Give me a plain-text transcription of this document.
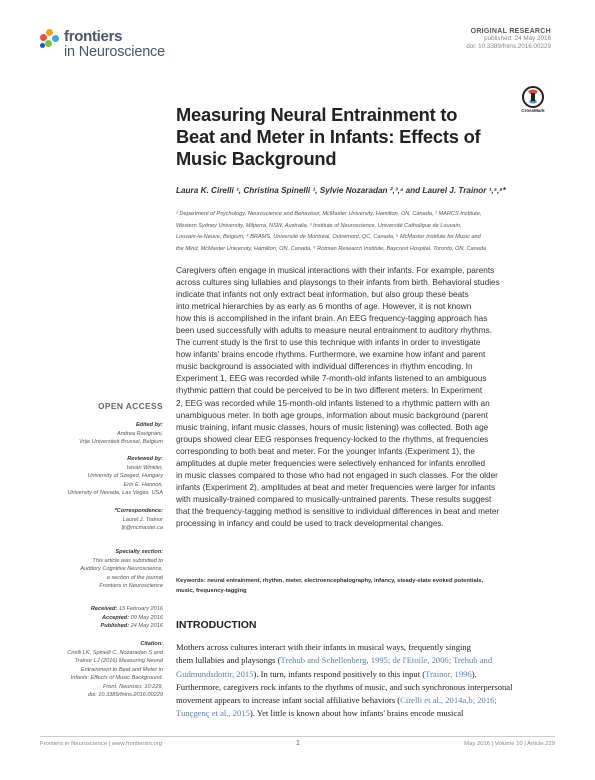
frontiers
in Neuroscience
ORIGINAL RESEARCH
published: 24 May 2016
doi: 10.3389/fnins.2016.00229
CrossMark
Measuring Neural Entrainment to
Beat and Meter in Infants: Effects of
Music Background
Laura K. Cirelli ¹, Christina Spinelli ¹, Sylvie Nozaradan ²,³,⁴ and Laurel J. Trainor ¹,⁵,⁶*
¹ Department of Psychology, Neuroscience and Behaviour, McMaster University, Hamilton, ON, Canada, ² MARCS Institute,
Western Sydney University, Milperra, NSW, Australia, ³ Institute of Neuroscience, Université Catholique de Louvain,
Louvain-la-Neuve, Belgium, ⁴ BRAMS, Université de Montréal, Outremont, QC, Canada, ⁵ McMaster Institute for Music and
the Mind, McMaster University, Hamilton, ON, Canada, ⁶ Rotman Research Institute, Baycrest Hospital, Toronto, ON, Canada
Caregivers often engage in musical interactions with their infants. For example, parents
across cultures sing lullabies and playsongs to their infants from birth. Behavioral studies
indicate that infants not only extract beat information, but also group these beats
into metrical hierarchies by as early as 6 months of age. However, it is not known
how this is accomplished in the infant brain. An EEG frequency-tagging approach has
been used successfully with adults to measure neural entrainment to auditory rhythms.
The current study is the first to use this technique with infants in order to investigate
how infants' brains encode rhythms. Furthermore, we examine how infant and parent
music background is associated with individual differences in rhythm encoding. In
Experiment 1, EEG was recorded while 7-month-old infants listened to an ambiguous
rhythmic pattern that could be perceived to be in two different meters. In Experiment
2, EEG was recorded while 15-month-old infants listened to a rhythmic pattern with an
unambiguous meter. In both age groups, information about music background (parent
music training, infant music classes, hours of music listening) was collected. Both age
groups showed clear EEG responses frequency-locked to the rhythms, at frequencies
corresponding to both beat and meter. For the younger infants (Experiment 1), the
amplitudes at duple meter frequencies were selectively enhanced for infants enrolled
in music classes compared to those who had not engaged in such classes. For the older
infants (Experiment 2), amplitudes at beat and meter frequencies were larger for infants
with musically-trained compared to musically-untrained parents. These results suggest
that the frequency-tagging method is sensitive to individual differences in beat and meter
processing in infancy and could be used to track developmental changes.
Keywords: neural entrainment, rhythm, meter, electroencephalography, infancy, steady-state evoked potentials,
music, frequency-tagging
OPEN ACCESS
Edited by:
Andrea Ravignani,
Vrije Universiteit Brussel, Belgium
Reviewed by:
István Winkler,
University of Szeged, Hungary
Erin E. Hannon,
University of Nevada, Las Vegas, USA
*Correspondence:
Laurel J. Trainor
ljt@mcmaster.ca
Specialty section:
This article was submitted to
Auditory Cognitive Neuroscience,
a section of the journal
Frontiers in Neuroscience
Received: 15 February 2016
Accepted: 09 May 2016
Published: 24 May 2016
Citation:
Cirelli LK, Spinelli C, Nozaradan S and
Trainor LJ (2016) Measuring Neural
Entrainment to Beat and Meter in
Infants: Effects of Music Background.
Front. Neurosci. 10:229.
doi: 10.3389/fnins.2016.00229
INTRODUCTION
Mothers across cultures interact with their infants in musical ways, frequently singing
them lullabies and playsongs (Trehub and Schellenberg, 1995; de l'Etoile, 2006; Trehub and
Gudmundsdottir, 2015). In turn, infants respond positively to this input (Trainor, 1996).
Furthermore, caregivers rock infants to the rhythms of music, and such synchronous interpersonal
movement appears to increase infant social affiliative behaviors (Cirelli et al., 2014a,b; 2016;
Tunçgenç et al., 2015). Yet little is known about how infants' brains encode musical
Frontiers in Neuroscience | www.frontiersin.org	1	May 2016 | Volume 10 | Article 229
